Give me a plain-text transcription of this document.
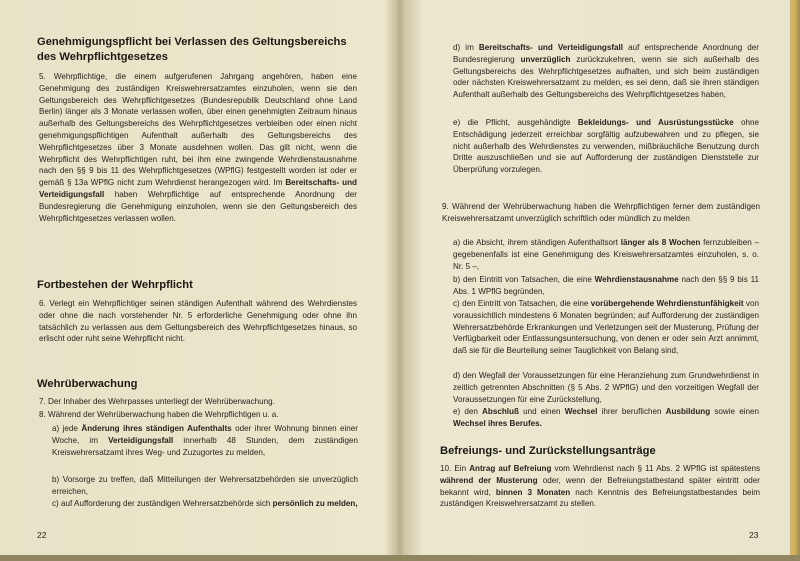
Genehmigungspflicht bei Verlassen des Geltungsbereichs des Wehrpflichtgesetzes
5. Wehrpflichtige, die einem aufgerufenen Jahrgang angehören, haben eine Genehmigung des zuständigen Kreiswehrersatzamtes einzuholen, wenn sie den Geltungsbereich des Wehrpflichtgesetzes (Bundesrepublik Deutschland ohne Land Berlin) länger als 3 Monate verlassen wollen, über einen genehmigten Zeitraum hinaus außerhalb des Geltungsbereichs des Wehrpflichtgesetzes verbleiben oder einen nicht genehmigungspflichtigen Aufenthalt außerhalb des Geltungsbereichs des Wehrpflichtgesetzes über 3 Monate ausdehnen wollen. Das gilt nicht, wenn die Wehrpflicht des Wehrpflichtigen ruht, bei ihm eine zwingende Wehrdienstausnahme nach den §§ 9 bis 11 des Wehrpflichtgesetzes (WPflG) festgestellt worden ist oder er gemäß § 13a WPflG nicht zum Wehrdienst herangezogen wird. Im Bereitschafts- und Verteidigungsfall haben Wehrpflichtige auf entsprechende Anordnung der Bundesregierung die Genehmigung einzuholen, wenn sie den Geltungsbereich des Wehrpflichtgesetzes verlassen wollen.
Fortbestehen der Wehrpflicht
6. Verlegt ein Wehrpflichtiger seinen ständigen Aufenthalt während des Wehrdienstes oder ohne die nach vorstehender Nr. 5 erforderliche Genehmigung oder ohne ihn tatsächlich zu verlassen aus dem Geltungsbereich des Wehrpflichtgesetzes hinaus, so erlischt oder ruht seine Wehrpflicht nicht.
Wehrüberwachung
7. Der Inhaber des Wehrpasses unterliegt der Wehrüberwachung.
8. Während der Wehrüberwachung haben die Wehrpflichtigen u. a.
a) jede Änderung ihres ständigen Aufenthalts oder ihrer Wohnung binnen einer Woche, im Verteidigungsfall innerhalb 48 Stunden, dem zuständigen Kreiswehrersatzamt ihres Weg- und Zuzugortes zu melden,
b) Vorsorge zu treffen, daß Mitteilungen der Wehrersatzbehörden sie unverzüglich erreichen,
c) auf Aufforderung der zuständigen Wehrersatzbehörde sich persönlich zu melden,
22
d) im Bereitschafts- und Verteidigungsfall auf entsprechende Anordnung der Bundesregierung unverzüglich zurückzukehren, wenn sie sich außerhalb des Geltungsbereichs des Wehrpflichtgesetzes aufhalten, und sich beim zuständigen oder nächsten Kreiswehrersatzamt zu melden, es sei denn, daß sie ihren ständigen Aufenthalt außerhalb des Geltungsbereichs des Wehrpflichtgesetzes haben,
e) die Pflicht, ausgehändigte Bekleidungs- und Ausrüstungsstücke ohne Entschädigung jederzeit erreichbar sorgfältig aufzubewahren und zu pflegen, sie nicht außerhalb des Wehrdienstes zu verwenden, mißbräuchliche Benutzung durch Dritte auszuschließen und sie auf Aufforderung der zuständigen Dienststelle zur Überprüfung vorzulegen.
9. Während der Wehrüberwachung haben die Wehrpflichtigen ferner dem zuständigen Kreiswehrersatzamt unverzüglich schriftlich oder mündlich zu melden
a) die Absicht, ihrem ständigen Aufenthaltsort länger als 8 Wochen fernzubleiben – gegebenenfalls ist eine Genehmigung des Kreiswehrersatzamtes einzuholen, s. o. Nr. 5 –,
b) den Eintritt von Tatsachen, die eine Wehrdienstausnahme nach den §§ 9 bis 11 Abs. 1 WPflG begründen,
c) den Eintritt von Tatsachen, die eine vorübergehende Wehrdienstunfähigkeit von voraussichtlich mindestens 6 Monaten begründen; auf Aufforderung der zuständigen Wehrersatzbehörde Erkrankungen und Verletzungen seit der Musterung, Prüfung der Verfügbarkeit oder Entlassungsuntersuchung, von denen er oder sein Arzt annimmt, daß sie für die Beurteilung seiner Tauglichkeit von Belang sind,
d) den Wegfall der Voraussetzungen für eine Heranziehung zum Grundwehrdienst in zeitlich getrennten Abschnitten (§ 5 Abs. 2 WPflG) und den vorzeitigen Wegfall der Voraussetzungen für eine Zurückstellung,
e) den Abschluß und einen Wechsel ihrer beruflichen Ausbildung sowie einen Wechsel ihres Berufes.
Befreiungs- und Zurückstellungsanträge
10. Ein Antrag auf Befreiung vom Wehrdienst nach § 11 Abs. 2 WPflG ist spätestens während der Musterung oder, wenn der Befreiungstatbestand später eintritt oder bekannt wird, binnen 3 Monaten nach Kenntnis des Befreiungstatbestandes beim zuständigen Kreiswehrersatzamt zu stellen.
23
